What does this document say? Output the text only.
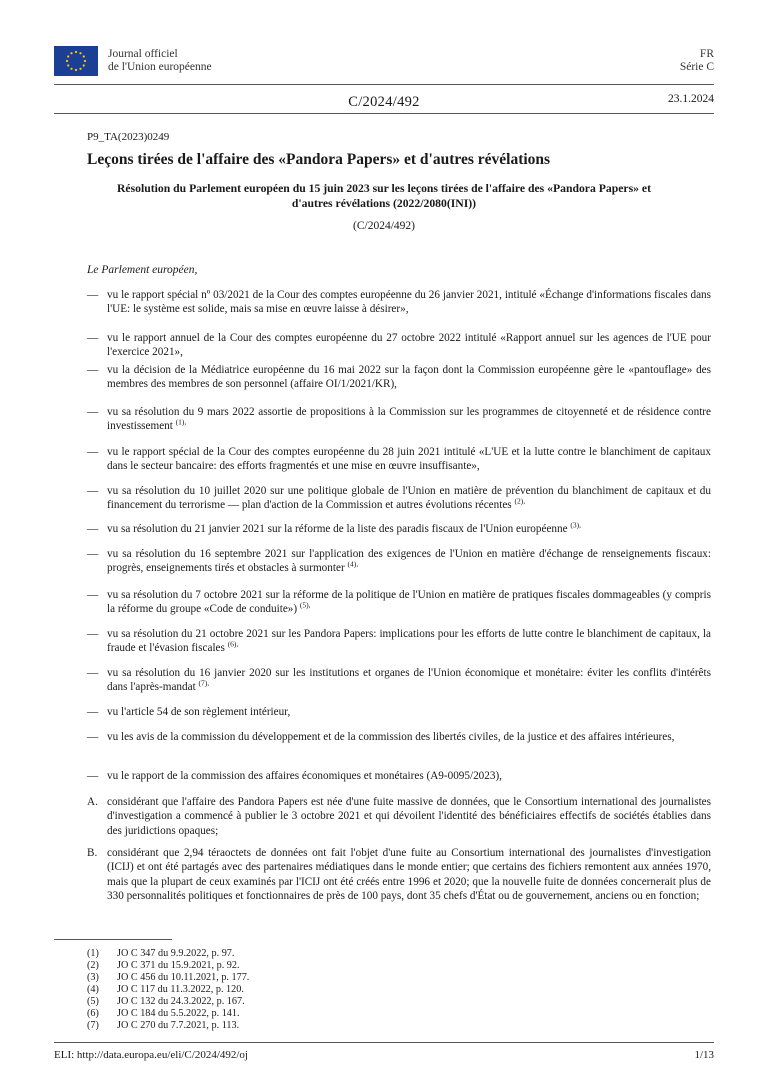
Journal officiel
de l'Union européenne
FR
Série C
C/2024/492	23.1.2024
P9_TA(2023)0249
Leçons tirées de l'affaire des «Pandora Papers» et d'autres révélations
Résolution du Parlement européen du 15 juin 2023 sur les leçons tirées de l'affaire des «Pandora Papers» et d'autres révélations (2022/2080(INI))
(C/2024/492)
Le Parlement européen,
— vu le rapport spécial nº 03/2021 de la Cour des comptes européenne du 26 janvier 2021, intitulé «Échange d'informations fiscales dans l'UE: le système est solide, mais sa mise en œuvre laisse à désirer»,
— vu le rapport annuel de la Cour des comptes européenne du 27 octobre 2022 intitulé «Rapport annuel sur les agences de l'UE pour l'exercice 2021»,
— vu la décision de la Médiatrice européenne du 16 mai 2022 sur la façon dont la Commission européenne gère le «pantouflage» des membres des membres de son personnel (affaire OI/1/2021/KR),
— vu sa résolution du 9 mars 2022 assortie de propositions à la Commission sur les programmes de citoyenneté et de résidence contre investissement $^{(1),}$
— vu le rapport spécial de la Cour des comptes européenne du 28 juin 2021 intitulé «L'UE et la lutte contre le blanchiment de capitaux dans le secteur bancaire: des efforts fragmentés et une mise en œuvre insuffisante»,
— vu sa résolution du 10 juillet 2020 sur une politique globale de l'Union en matière de prévention du blanchiment de capitaux et du financement du terrorisme — plan d'action de la Commission et autres évolutions récentes $^{(2),}$
— vu sa résolution du 21 janvier 2021 sur la réforme de la liste des paradis fiscaux de l'Union européenne $^{(3),}$
— vu sa résolution du 16 septembre 2021 sur l'application des exigences de l'Union en matière d'échange de renseignements fiscaux: progrès, enseignements tirés et obstacles à surmonter $^{(4),}$
— vu sa résolution du 7 octobre 2021 sur la réforme de la politique de l'Union en matière de pratiques fiscales dommageables (y compris la réforme du groupe «Code de conduite») $^{(5),}$
— vu sa résolution du 21 octobre 2021 sur les Pandora Papers: implications pour les efforts de lutte contre le blanchiment de capitaux, la fraude et l'évasion fiscales $^{(6),}$
— vu sa résolution du 16 janvier 2020 sur les institutions et organes de l'Union économique et monétaire: éviter les conflits d'intérêts dans l'après-mandat $^{(7),}$
— vu l'article 54 de son règlement intérieur,
— vu les avis de la commission du développement et de la commission des libertés civiles, de la justice et des affaires intérieures,
— vu le rapport de la commission des affaires économiques et monétaires (A9-0095/2023),
A. considérant que l'affaire des Pandora Papers est née d'une fuite massive de données, que le Consortium international des journalistes d'investigation a commencé à publier le 3 octobre 2021 et qui dévoilent l'identité des bénéficiaires effectifs de sociétés établies dans des juridictions opaques;
B. considérant que 2,94 téraoctets de données ont fait l'objet d'une fuite au Consortium international des journalistes d'investigation (ICIJ) et ont été partagés avec des partenaires médiatiques dans le monde entier; que certains des fichiers remontent aux années 1970, mais que la plupart de ceux examinés par l'ICIJ ont été créés entre 1996 et 2020; que la nouvelle fuite de données concernerait plus de 330 personnalités politiques et fonctionnaires de près de 100 pays, dont 35 chefs d'État ou de gouvernement, anciens ou en fonction;
(1) JO C 347 du 9.9.2022, p. 97.
(2) JO C 371 du 15.9.2021, p. 92.
(3) JO C 456 du 10.11.2021, p. 177.
(4) JO C 117 du 11.3.2022, p. 120.
(5) JO C 132 du 24.3.2022, p. 167.
(6) JO C 184 du 5.5.2022, p. 141.
(7) JO C 270 du 7.7.2021, p. 113.
ELI: http://data.europa.eu/eli/C/2024/492/oj	1/13
